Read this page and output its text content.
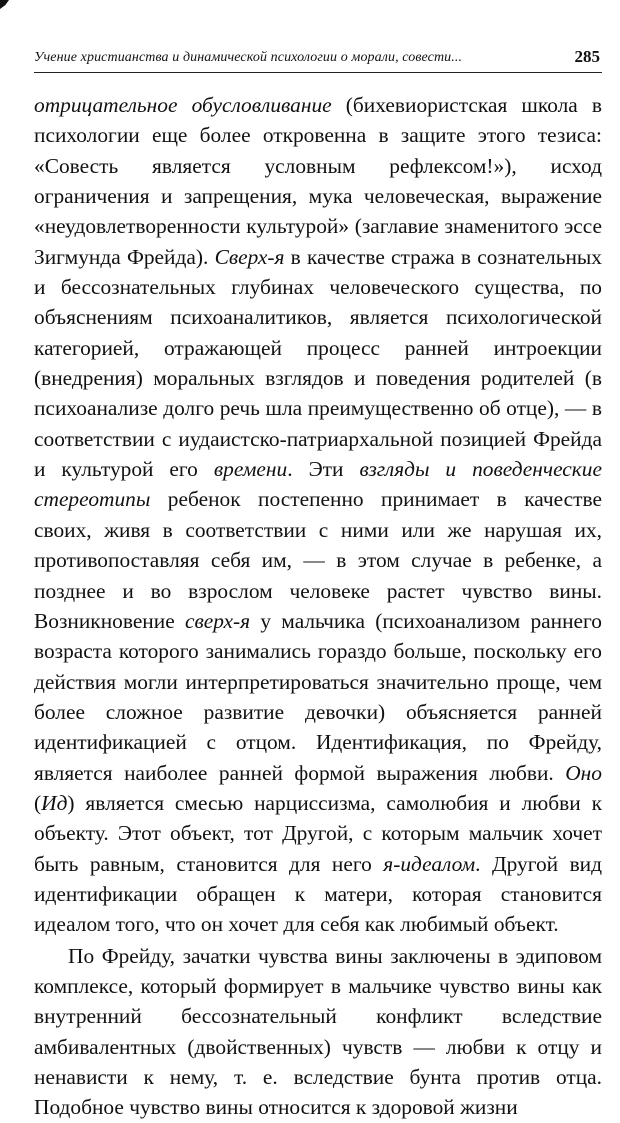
Учение христианства и динамической психологии о морали, совести...	285

отрицательное обусловливание (бихевиористская школа в психологии еще более откровенна в защите этого тезиса: «Совесть является условным рефлексом!»), исход ограничения и запрещения, мука человеческая, выражение «неудовлетворенности культурой» (заглавие знаменитого эссе Зигмунда Фрейда). Сверх-я в качестве стража в сознательных и бессознательных глубинах человеческого существа, по объяснениям психоаналитиков, является психологической категорией, отражающей процесс ранней интроекции (внедрения) моральных взглядов и поведения родителей (в психоанализе долго речь шла преимущественно об отце), — в соответствии с иудаистско-патриархальной позицией Фрейда и культурой его времени. Эти взгляды и поведенческие стереотипы ребенок постепенно принимает в качестве своих, живя в соответствии с ними или же нарушая их, противопоставляя себя им, — в этом случае в ребенке, а позднее и во взрослом человеке растет чувство вины. Возникновение сверх-я у мальчика (психоанализом раннего возраста которого занимались гораздо больше, поскольку его действия могли интерпретироваться значительно проще, чем более сложное развитие девочки) объясняется ранней идентификацией с отцом. Идентификация, по Фрейду, является наиболее ранней формой выражения любви. Оно (Ид) является смесью нарциссизма, самолюбия и любви к объекту. Этот объект, тот Другой, с которым мальчик хочет быть равным, становится для него я-идеалом. Другой вид идентификации обращен к матери, которая становится идеалом того, что он хочет для себя как любимый объект.

По Фрейду, зачатки чувства вины заключены в эдиповом комплексе, который формирует в мальчике чувство вины как внутренний бессознательный конфликт вследствие амбивалентных (двойственных) чувств — любви к отцу и ненависти к нему, т. е. вследствие бунта против отца. Подобное чувство вины относится к здоровой жизни
